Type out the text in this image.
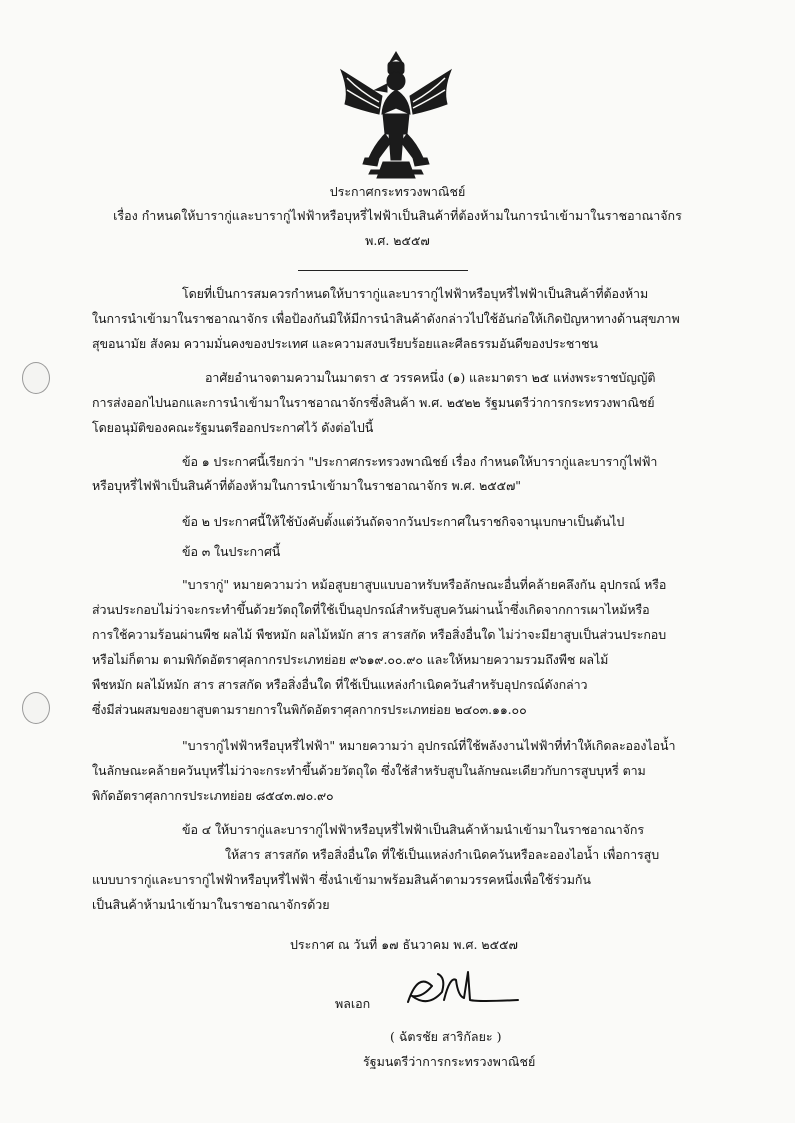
ประกาศกระทรวงพาณิชย์
เรื่อง กำหนดให้บารากู่และบารากู่ไฟฟ้าหรือบุหรี่ไฟฟ้าเป็นสินค้าที่ต้องห้ามในการนำเข้ามาในราชอาณาจักร
พ.ศ. ๒๕๕๗
โดยที่เป็นการสมควรกำหนดให้บารากู่และบารากู่ไฟฟ้าหรือบุหรี่ไฟฟ้าเป็นสินค้าที่ต้องห้าม
ในการนำเข้ามาในราชอาณาจักร เพื่อป้องกันมิให้มีการนำสินค้าดังกล่าวไปใช้อันก่อให้เกิดปัญหาทางด้านสุขภาพ
สุขอนามัย สังคม ความมั่นคงของประเทศ และความสงบเรียบร้อยและศีลธรรมอันดีของประชาชน
อาศัยอำนาจตามความในมาตรา ๕ วรรคหนึ่ง (๑) และมาตรา ๒๕ แห่งพระราชบัญญัติ
การส่งออกไปนอกและการนำเข้ามาในราชอาณาจักรซึ่งสินค้า พ.ศ. ๒๕๒๒ รัฐมนตรีว่าการกระทรวงพาณิชย์
โดยอนุมัติของคณะรัฐมนตรีออกประกาศไว้ ดังต่อไปนี้
ข้อ ๑ ประกาศนี้เรียกว่า "ประกาศกระทรวงพาณิชย์ เรื่อง กำหนดให้บารากู่และบารากู่ไฟฟ้า
หรือบุหรี่ไฟฟ้าเป็นสินค้าที่ต้องห้ามในการนำเข้ามาในราชอาณาจักร พ.ศ. ๒๕๕๗"
ข้อ ๒ ประกาศนี้ให้ใช้บังคับตั้งแต่วันถัดจากวันประกาศในราชกิจจานุเบกษาเป็นต้นไป
ข้อ ๓ ในประกาศนี้
"บารากู่" หมายความว่า หม้อสูบยาสูบแบบอาหรับหรือลักษณะอื่นที่คล้ายคลึงกัน อุปกรณ์ หรือ
ส่วนประกอบไม่ว่าจะกระทำขึ้นด้วยวัตถุใดที่ใช้เป็นอุปกรณ์สำหรับสูบควันผ่านน้ำซึ่งเกิดจากการเผาไหม้หรือ
การใช้ความร้อนผ่านพืช ผลไม้ พืชหมัก ผลไม้หมัก สาร สารสกัด หรือสิ่งอื่นใด ไม่ว่าจะมียาสูบเป็นส่วนประกอบ
หรือไม่ก็ตาม ตามพิกัดอัตราศุลกากรประเภทย่อย ๙๖๑๙.๐๐.๙๐ และให้หมายความรวมถึงพืช ผลไม้
พืชหมัก ผลไม้หมัก สาร สารสกัด หรือสิ่งอื่นใด ที่ใช้เป็นแหล่งกำเนิดควันสำหรับอุปกรณ์ดังกล่าว
ซึ่งมีส่วนผสมของยาสูบตามรายการในพิกัดอัตราศุลกากรประเภทย่อย ๒๔๐๓.๑๑.๐๐
"บารากู่ไฟฟ้าหรือบุหรี่ไฟฟ้า" หมายความว่า อุปกรณ์ที่ใช้พลังงานไฟฟ้าที่ทำให้เกิดละอองไอน้ำ
ในลักษณะคล้ายควันบุหรี่ไม่ว่าจะกระทำขึ้นด้วยวัตถุใด ซึ่งใช้สำหรับสูบในลักษณะเดียวกับการสูบบุหรี่ ตาม
พิกัดอัตราศุลกากรประเภทย่อย ๘๕๔๓.๗๐.๙๐
ข้อ ๔ ให้บารากู่และบารากู่ไฟฟ้าหรือบุหรี่ไฟฟ้าเป็นสินค้าห้ามนำเข้ามาในราชอาณาจักร
ให้สาร สารสกัด หรือสิ่งอื่นใด ที่ใช้เป็นแหล่งกำเนิดควันหรือละอองไอน้ำ เพื่อการสูบ
แบบบารากู่และบารากู่ไฟฟ้าหรือบุหรี่ไฟฟ้า ซึ่งนำเข้ามาพร้อมสินค้าตามวรรคหนึ่งเพื่อใช้ร่วมกัน
เป็นสินค้าห้ามนำเข้ามาในราชอาณาจักรด้วย
ประกาศ ณ วันที่ ๑๗ ธันวาคม พ.ศ. ๒๕๕๗
พลเอก
( ฉัตรชัย สาริกัลยะ )
รัฐมนตรีว่าการกระทรวงพาณิชย์
